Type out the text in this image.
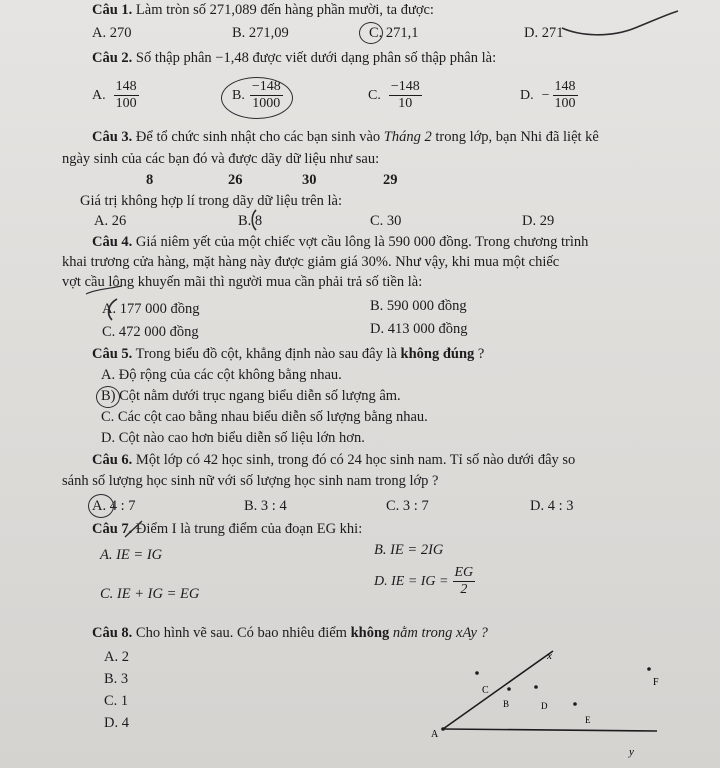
Câu 1. Làm tròn số 271,089 đến hàng phần mười, ta được:
A. 270	B. 271,09	C. 271,1	D. 271
Câu 2. Số thập phân −1,48 được viết dưới dạng phân số thập phân là:
A. $\frac{148}{100}$	B. $\frac{-148}{1000}$	C. $\frac{-148}{10}$	D. − $\frac{148}{100}$
Câu 3. Để tổ chức sinh nhật cho các bạn sinh vào Tháng 2 trong lớp, bạn Nhi đã liệt kê
ngày sinh của các bạn đó và được dãy dữ liệu như sau:
8	26	30	29
Giá trị không hợp lí trong dãy dữ liệu trên là:
A. 26	B. 8	C. 30	D. 29
Câu 4. Giá niêm yết của một chiếc vợt cầu lông là 590 000 đồng. Trong chương trình
khai trương cửa hàng, mặt hàng này được giảm giá 30%. Như vậy, khi mua một chiếc
vợt cầu lông khuyến mãi thì người mua cần phải trả số tiền là:
A. 177 000 đồng	B. 590 000 đồng
C. 472 000 đồng	D. 413 000 đồng
Câu 5. Trong biểu đồ cột, khẳng định nào sau đây là không đúng ?
A. Độ rộng của các cột không bằng nhau.
B) Cột nằm dưới trục ngang biểu diễn số lượng âm.
C. Các cột cao bằng nhau biểu diễn số lượng bằng nhau.
D. Cột nào cao hơn biểu diễn số liệu lớn hơn.
Câu 6. Một lớp có 42 học sinh, trong đó có 24 học sinh nam. Tỉ số nào dưới đây so
sánh số lượng học sinh nữ với số lượng học sinh nam trong lớp ?
A. 4 : 7	B. 3 : 4	C. 3 : 7	D. 4 : 3
Câu 7. Điểm I là trung điểm của đoạn EG khi:
A. IE = IG	B. IE = 2IG
C. IE + IG = EG
D. IE = IG = $\frac{EG}{2}$
Câu 8. Cho hình vẽ sau. Có bao nhiêu điểm không nằm trong xAy ?
A. 2
B. 3
C. 1
D. 4
x
y
A
C
B	D
E
F
